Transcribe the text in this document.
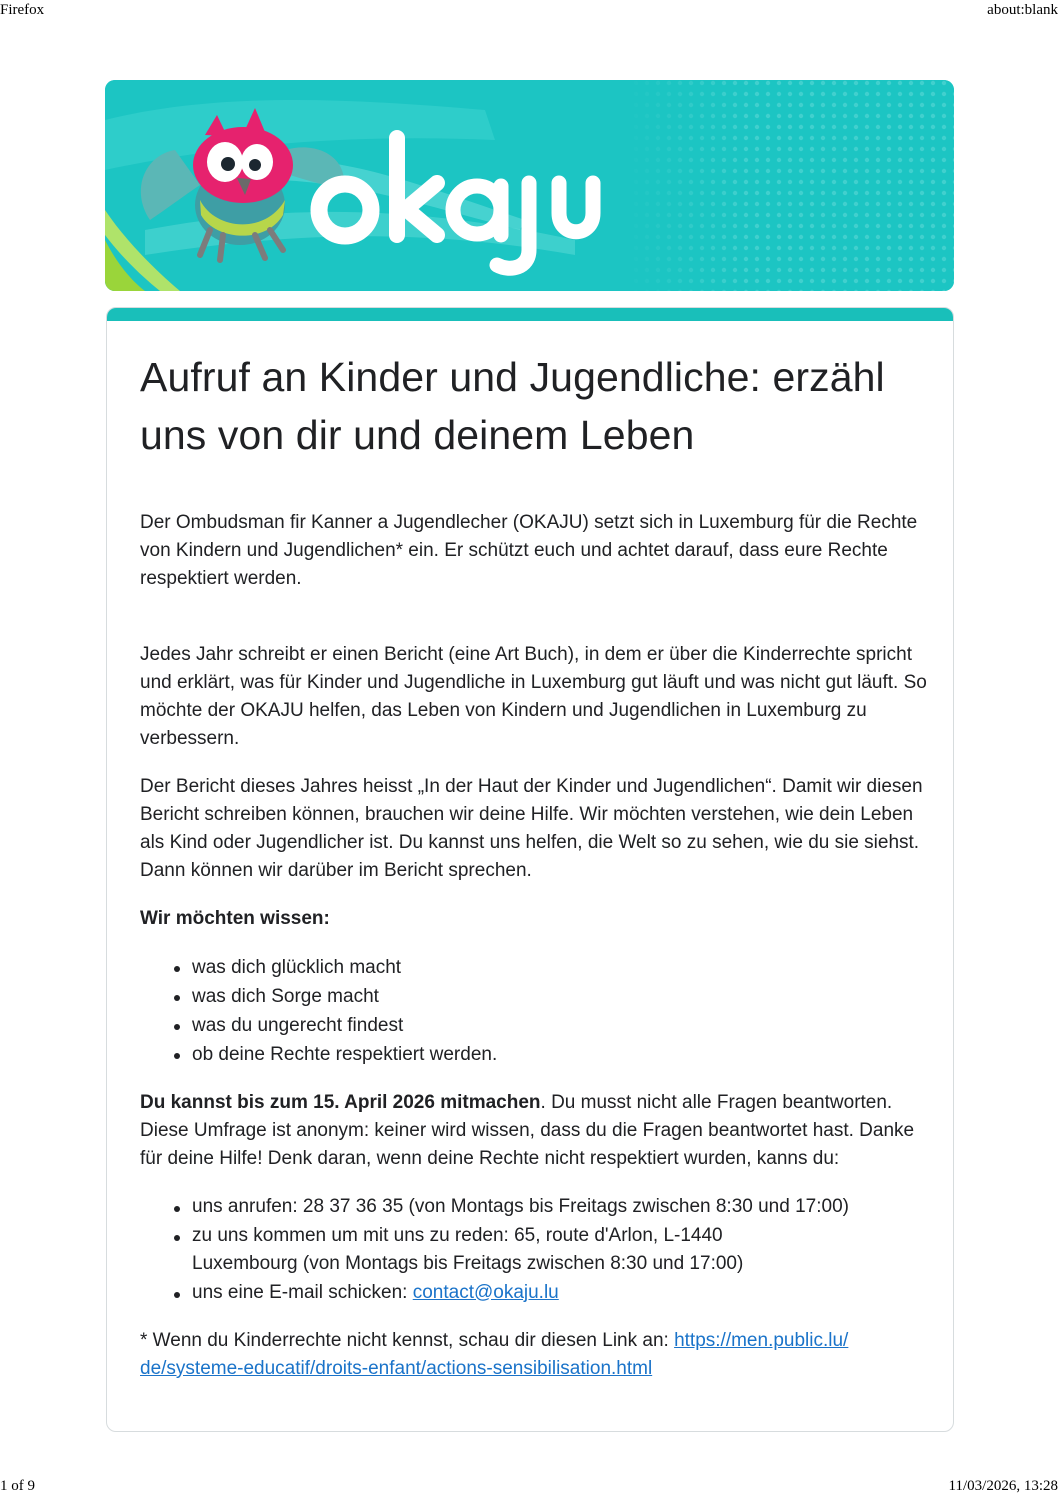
Firefox	about:blank
Aufruf an Kinder und Jugendliche: erzähl uns von dir und deinem Leben

Der Ombudsman fir Kanner a Jugendlecher (OKAJU) setzt sich in Luxemburg für die Rechte von Kindern und Jugendlichen* ein. Er schützt euch und achtet darauf, dass eure Rechte respektiert werden.

Jedes Jahr schreibt er einen Bericht (eine Art Buch), in dem er über die Kinderrechte spricht und erklärt, was für Kinder und Jugendliche in Luxemburg gut läuft und was nicht gut läuft. So möchte der OKAJU helfen, das Leben von Kindern und Jugendlichen in Luxemburg zu verbessern.

Der Bericht dieses Jahres heisst „In der Haut der Kinder und Jugendlichen“. Damit wir diesen Bericht schreiben können, brauchen wir deine Hilfe. Wir möchten verstehen, wie dein Leben als Kind oder Jugendlicher ist. Du kannst uns helfen, die Welt so zu sehen, wie du sie siehst. Dann können wir darüber im Bericht sprechen.

Wir möchten wissen:

was dich glücklich macht
was dich Sorge macht
was du ungerecht findest
ob deine Rechte respektiert werden.

Du kannst bis zum 15. April 2026 mitmachen. Du musst nicht alle Fragen beantworten. Diese Umfrage ist anonym: keiner wird wissen, dass du die Fragen beantwortet hast. Danke für deine Hilfe! Denk daran, wenn deine Rechte nicht respektiert wurden, kanns du:

uns anrufen: 28 37 36 35 (von Montags bis Freitags zwischen 8:30 und 17:00)
zu uns kommen um mit uns zu reden: 65, route d'Arlon, L-1440
Luxembourg (von Montags bis Freitags zwischen 8:30 und 17:00)
uns eine E-mail schicken: contact@okaju.lu

* Wenn du Kinderrechte nicht kennst, schau dir diesen Link an: https://men.public.lu/
de/systeme-educatif/droits-enfant/actions-sensibilisation.html

1 of 9	11/03/2026, 13:28
